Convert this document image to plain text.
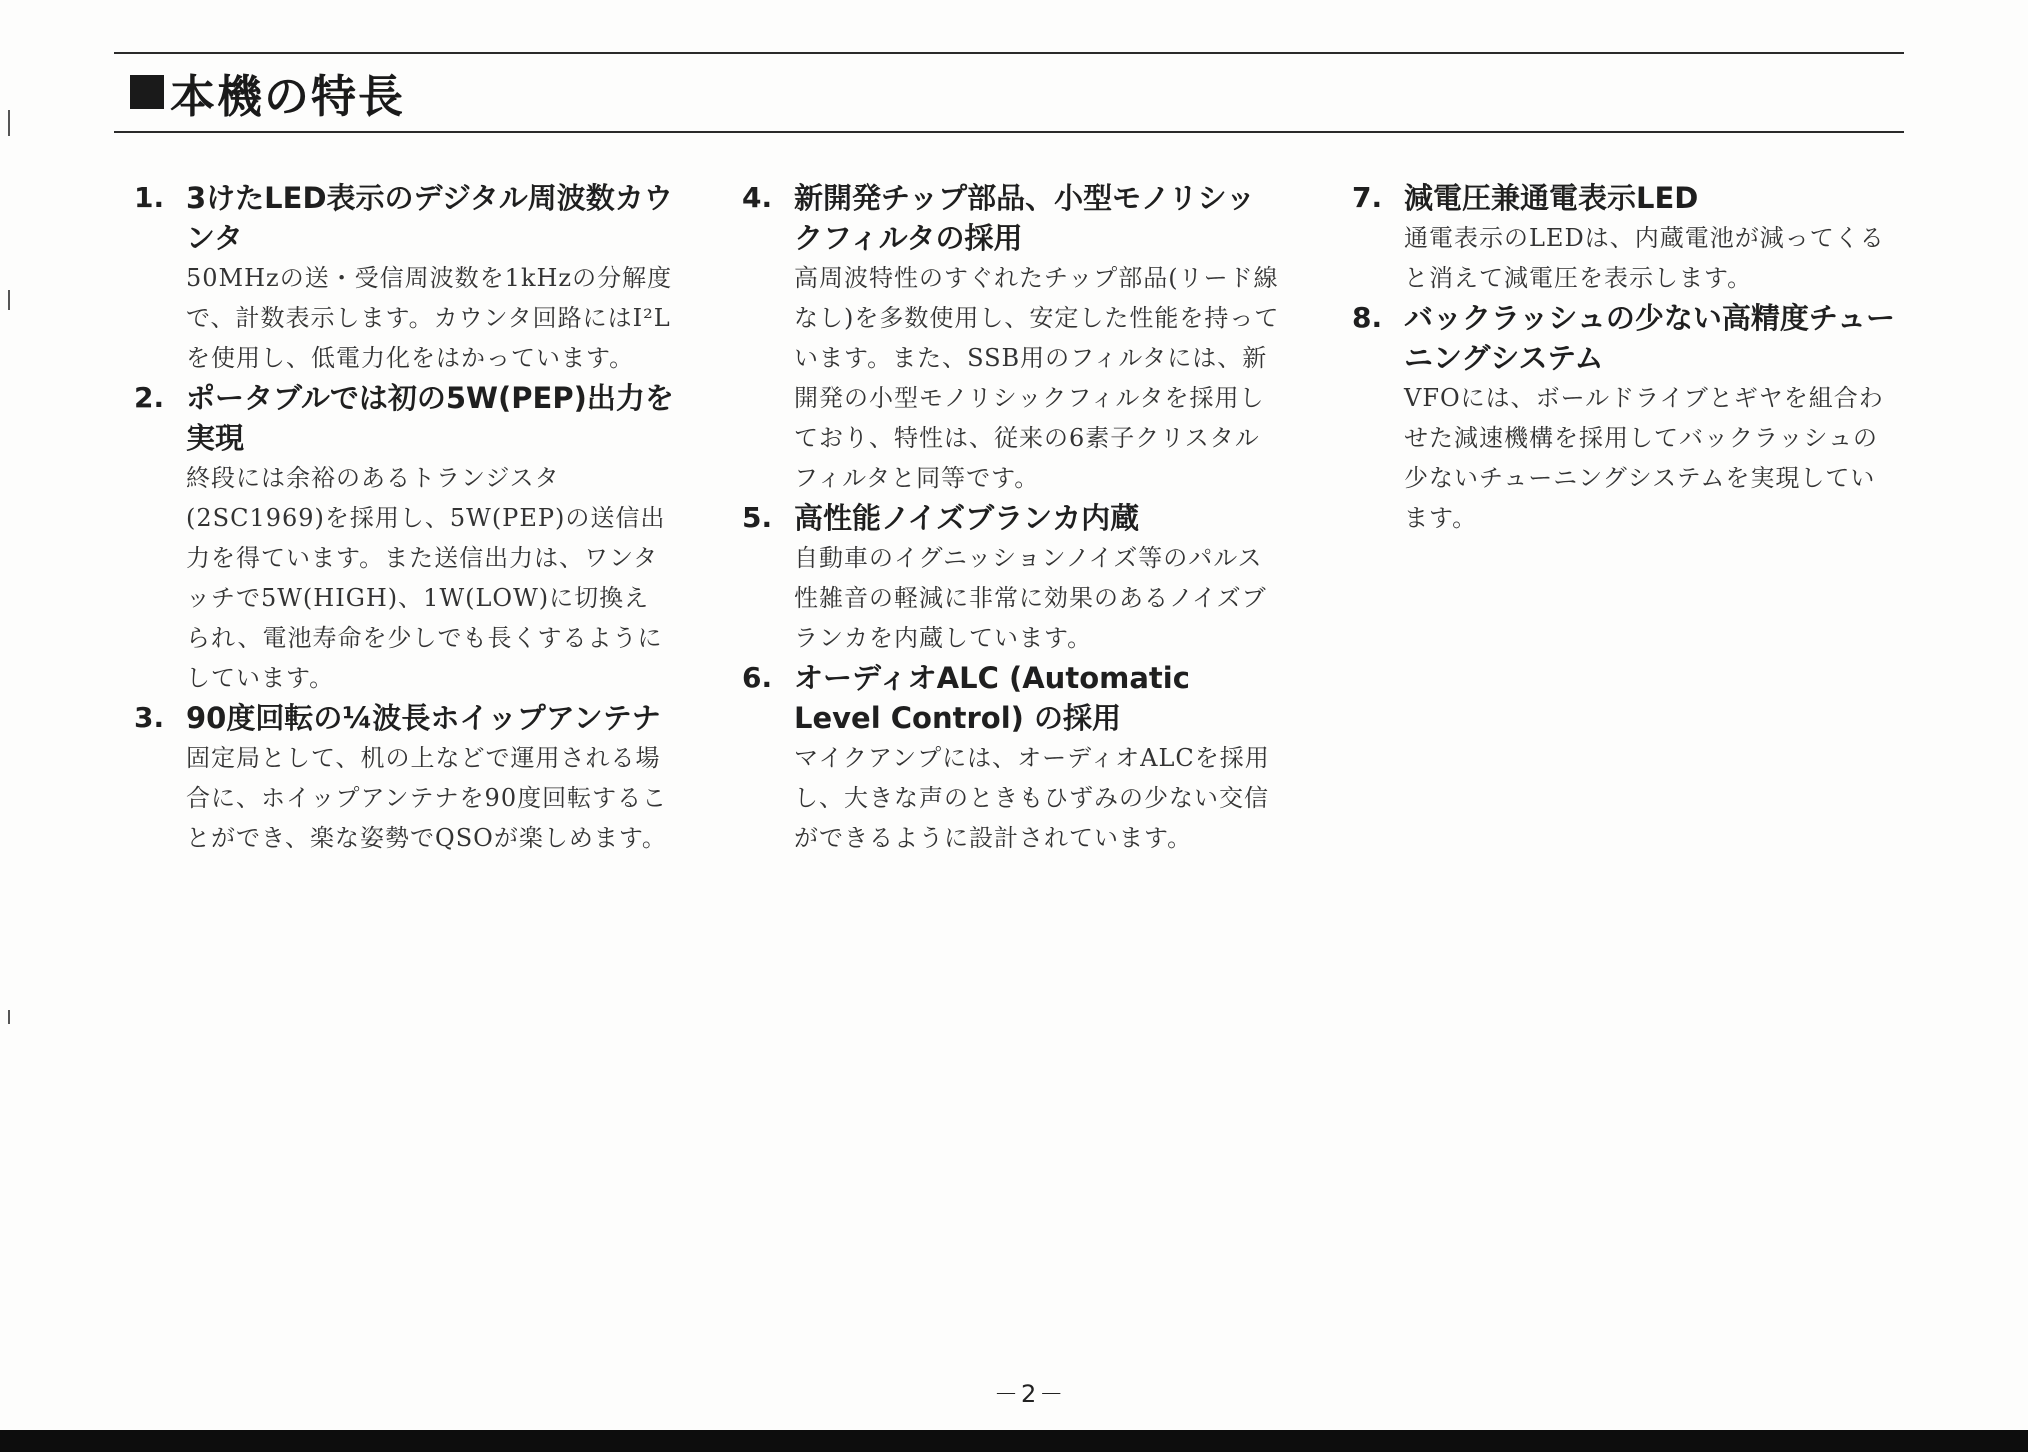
本機の特長
1. 3けたLED表示のデジタル周波数カウンタ
50MHzの送・受信周波数を1kHzの分解度で、計数表示します。カウンタ回路にはI²Lを使用し、低電力化をはかっています。
2. ポータブルでは初の5W(PEP)出力を実現
終段には余裕のあるトランジスタ(2SC1969)を採用し、5W(PEP)の送信出力を得ています。また送信出力は、ワンタッチで5W(HIGH)、1W(LOW)に切換えられ、電池寿命を少しでも長くするようにしています。
3. 90度回転の¼波長ホイップアンテナ
固定局として、机の上などで運用される場合に、ホイップアンテナを90度回転することができ、楽な姿勢でQSOが楽しめます。
4. 新開発チップ部品、小型モノリシックフィルタの採用
高周波特性のすぐれたチップ部品(リード線なし)を多数使用し、安定した性能を持っています。また、SSB用のフィルタには、新開発の小型モノリシックフィルタを採用しており、特性は、従来の6素子クリスタルフィルタと同等です。
5. 高性能ノイズブランカ内蔵
自動車のイグニッションノイズ等のパルス性雑音の軽減に非常に効果のあるノイズブランカを内蔵しています。
6. オーディオALC (Automatic Level Control) の採用
マイクアンプには、オーディオALCを採用し、大きな声のときもひずみの少ない交信ができるように設計されています。
7. 減電圧兼通電表示LED
通電表示のLEDは、内蔵電池が減ってくると消えて減電圧を表示します。
8. バックラッシュの少ない高精度チューニングシステム
VFOには、ボールドライブとギヤを組合わせた減速機構を採用してバックラッシュの少ないチューニングシステムを実現しています。
－2－
